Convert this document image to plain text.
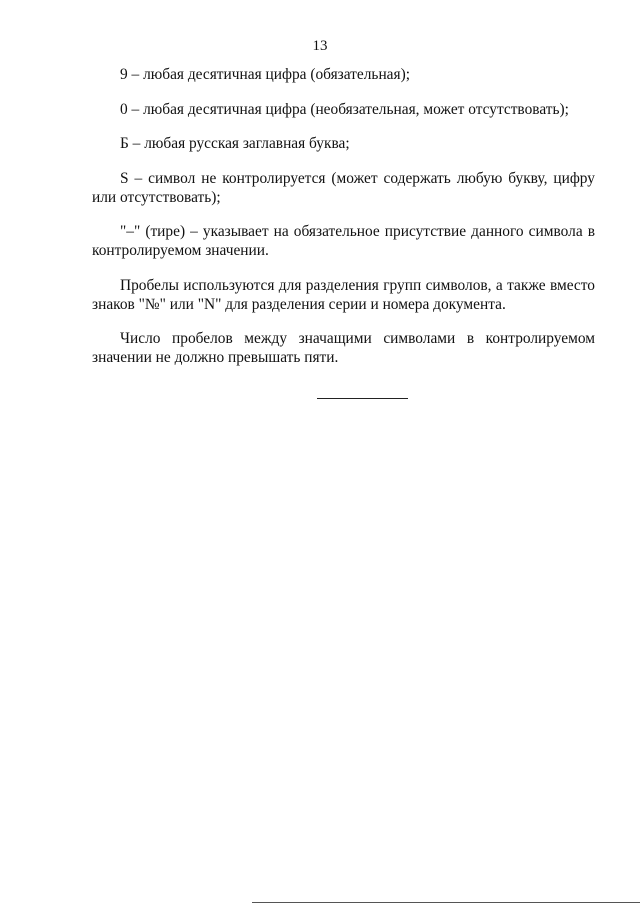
13

9 – любая десятичная цифра (обязательная);

0 – любая десятичная цифра (необязательная, может отсутствовать);

Б – любая русская заглавная буква;

S – символ не контролируется (может содержать любую букву, цифру или отсутствовать);

"–" (тире) – указывает на обязательное присутствие данного символа в контролируемом значении.

Пробелы используются для разделения групп символов, а также вместо знаков "№" или "N" для разделения серии и номера документа.

Число пробелов между значащими символами в контролируемом значении не должно превышать пяти.
